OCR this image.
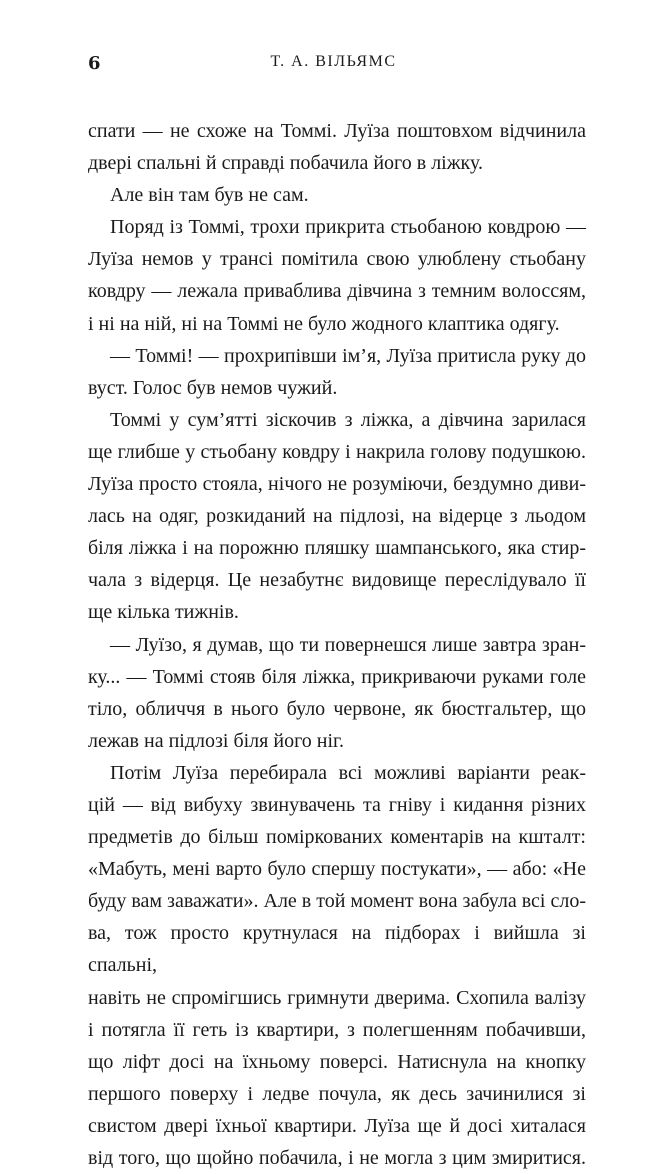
6	Т. А. ВІЛЬЯМС

спати — не схоже на Томмі. Луїза поштовхом відчинила

двері спальні й справді побачила його в ліжку.

Але він там був не сам.

Поряд із Томмі, трохи прикрита стьобаною ковдрою —

Луїза немов у трансі помітила свою улюблену стьобану

ковдру — лежала приваблива дівчина з темним волоссям,

і ні на ній, ні на Томмі не було жодного клаптика одягу.

— Томмі! — прохрипівши ім’я, Луїза притисла руку до

вуст. Голос був немов чужий.

Томмі у сум’ятті зіскочив з ліжка, а дівчина зарилася

ще глибше у стьобану ковдру і накрила голову подушкою.

Луїза просто стояла, нічого не розуміючи, бездумно диви-

лась на одяг, розкиданий на підлозі, на відерце з льодом

біля ліжка і на порожню пляшку шампанського, яка стир-

чала з відерця. Це незабутнє видовище переслідувало її

ще кілька тижнів.

— Луїзо, я думав, що ти повернешся лише завтра зран-

ку... — Томмі стояв біля ліжка, прикриваючи руками голе

тіло, обличчя в нього було червоне, як бюстгальтер, що

лежав на підлозі біля його ніг.

Потім Луїза перебирала всі можливі варіанти реак-

цій — від вибуху звинувачень та гніву і кидання різних

предметів до більш поміркованих коментарів на кшталт:

«Мабуть, мені варто було спершу постукати», — або: «Не

буду вам заважати». Але в той момент вона забула всі сло-

ва, тож просто крутнулася на підборах і вийшла зі спальні,

навіть не спромігшись гримнути дверима. Схопила валізу

і потягла її геть із квартири, з полегшенням побачивши,

що ліфт досі на їхньому поверсі. Натиснула на кнопку

першого поверху і ледве почула, як десь зачинилися зі

свистом двері їхньої квартири. Луїза ще й досі хиталася

від того, що щойно побачила, і не могла з цим змиритися.
